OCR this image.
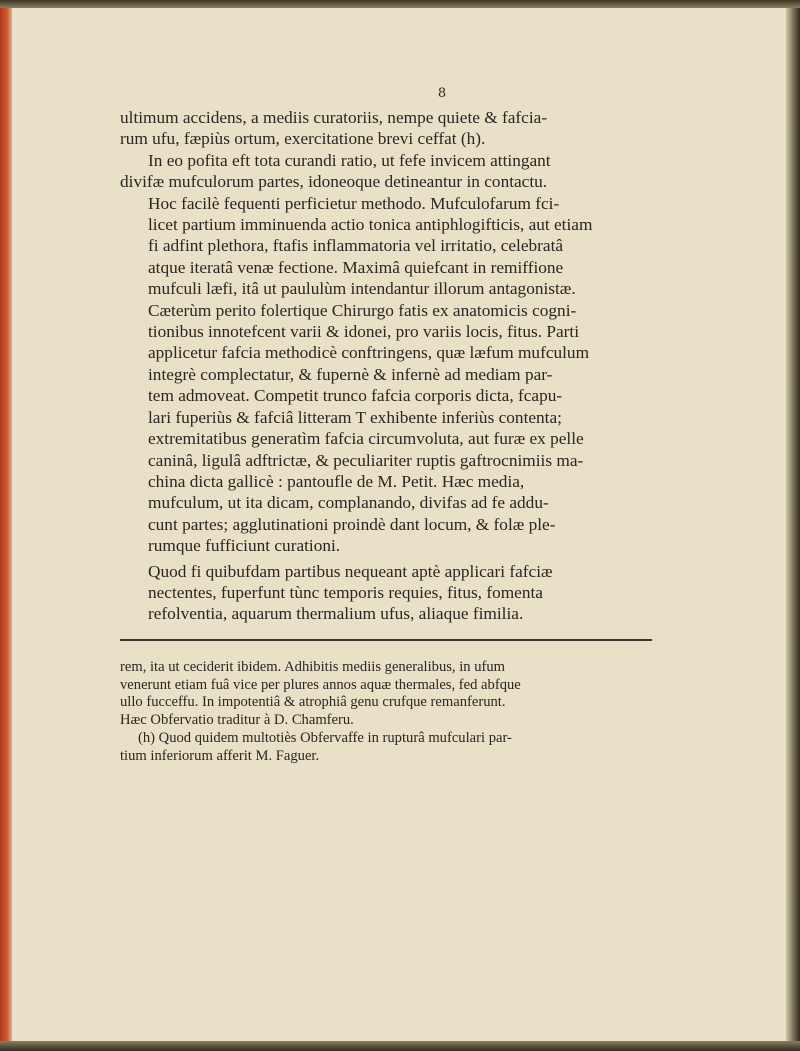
8

ultimum accidens, a mediis curatoriis, nempe quiete & fafcia-
rum ufu, fæpiùs ortum, exercitatione brevi ceffat (h).

In eo pofita eft tota curandi ratio, ut fefe invicem attingant
divifæ mufculorum partes, idoneoque detineantur in contactu.
Hoc facilè fequenti perficietur methodo. Mufculofarum fci-
licet partium imminuenda actio tonica antiphlogifticis, aut etiam
fi adfint plethora, ftafis inflammatoria vel irritatio, celebratâ
atque iteratâ venæ fectione. Maximâ quiefcant in remiffione
mufculi læfi, itâ ut paululùm intendantur illorum antagonistæ.
Cæterùm perito folertique Chirurgo fatis ex anatomicis cogni-
tionibus innotefcent varii & idonei, pro variis locis, fitus. Parti
applicetur fafcia methodicè conftringens, quæ læfum mufculum
integrè complectatur, & fupernè & infernè ad mediam par-
tem admoveat. Competit trunco fafcia corporis dicta, fcapu-
lari fuperiùs & fafciâ litteram T exhibente inferiùs contenta;
extremitatibus generatìm fafcia circumvoluta, aut furæ ex pelle
caninâ, ligulâ adftrictæ, & peculiariter ruptis gaftrocnimiis ma-
china dicta gallicè : pantoufle de M. Petit. Hæc media,
mufculum, ut ita dicam, complanando, divifas ad fe addu-
cunt partes; agglutinationi proindè dant locum, & folæ ple-
rumque fufficiunt curationi.

Quod fi quibufdam partibus nequeant aptè applicari fafciæ
nectentes, fuperfunt tùnc temporis requies, fitus, fomenta
refolventia, aquarum thermalium ufus, aliaque fimilia.

rem, ita ut ceciderit ibidem. Adhibitis mediis generalibus, in ufum
venerunt etiam fuâ vice per plures annos aquæ thermales, fed abfque
ullo fucceffu. In impotentiâ & atrophiâ genu crufque remanferunt.
Hæc Obfervatio traditur à D. Chamferu.

(h) Quod quidem multotiès Obfervaffe in rupturâ mufculari par-
tium inferiorum afferit M. Faguer.
